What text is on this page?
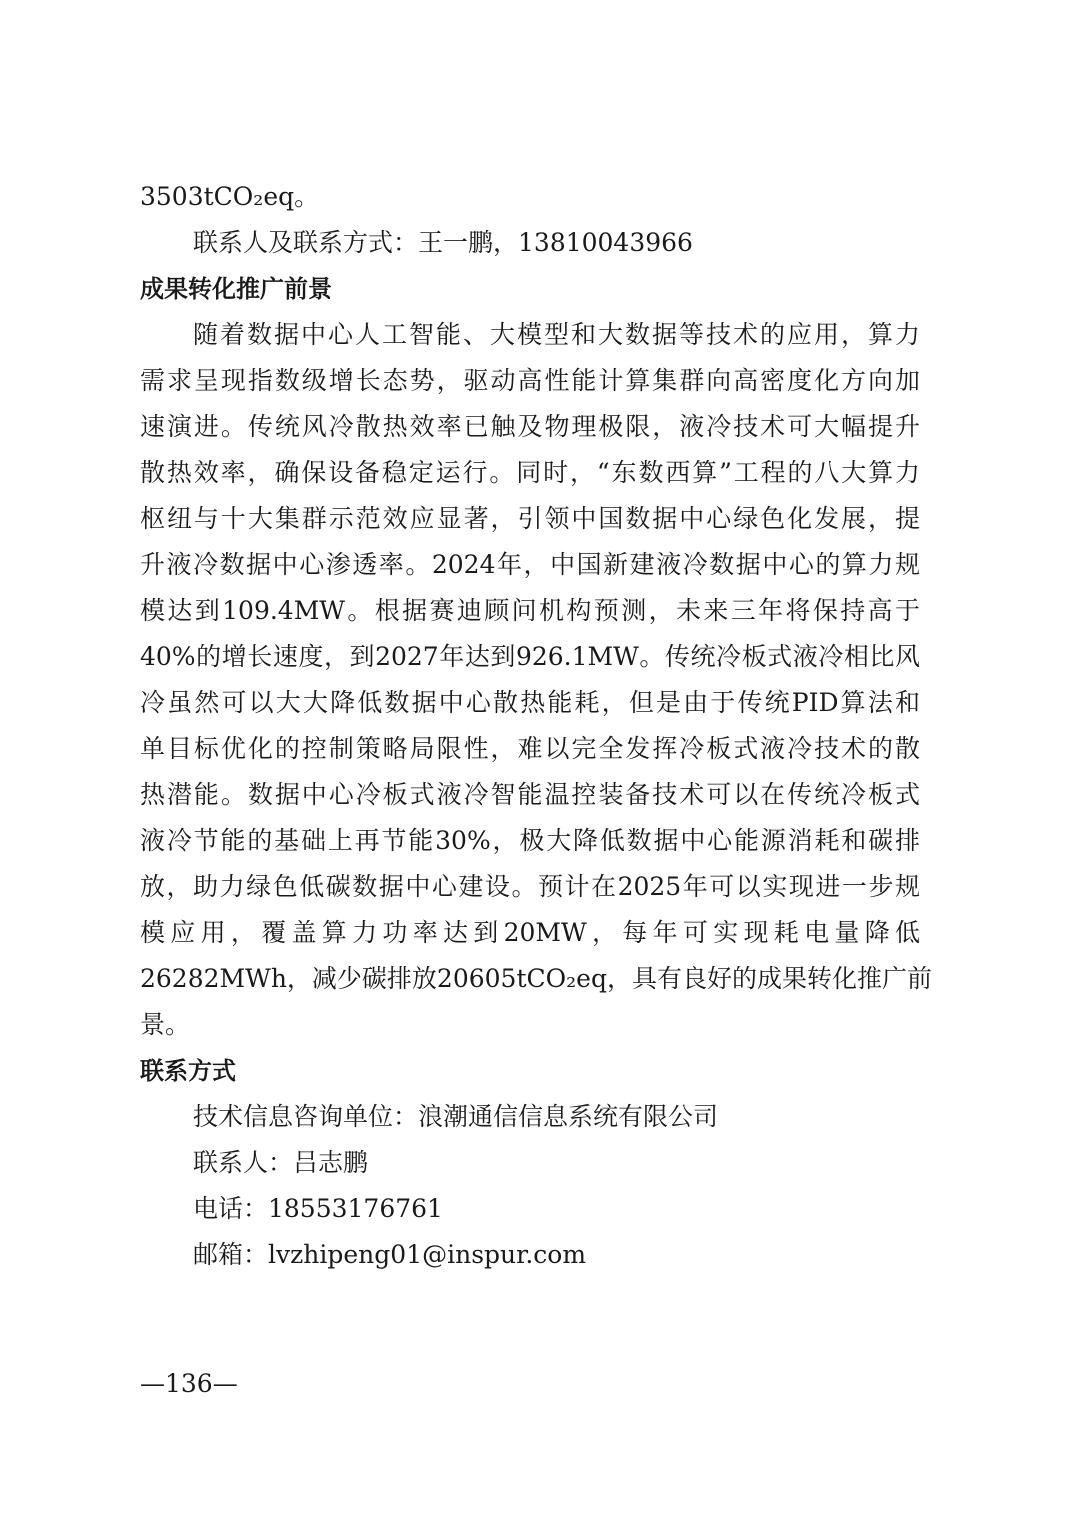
3503tCO₂eq。
联系人及联系方式：王一鹏，13810043966
成果转化推广前景
随着数据中心人工智能、大模型和大数据等技术的应用，算力
需求呈现指数级增长态势，驱动高性能计算集群向高密度化方向加
速演进。传统风冷散热效率已触及物理极限，液冷技术可大幅提升
散热效率，确保设备稳定运行。同时，“东数西算”工程的八大算力
枢纽与十大集群示范效应显著，引领中国数据中心绿色化发展，提
升液冷数据中心渗透率。2024年，中国新建液冷数据中心的算力规
模达到109.4MW。根据赛迪顾问机构预测，未来三年将保持高于
40%的增长速度，到2027年达到926.1MW。传统冷板式液冷相比风
冷虽然可以大大降低数据中心散热能耗，但是由于传统PID算法和
单目标优化的控制策略局限性，难以完全发挥冷板式液冷技术的散
热潜能。数据中心冷板式液冷智能温控装备技术可以在传统冷板式
液冷节能的基础上再节能30%，极大降低数据中心能源消耗和碳排
放，助力绿色低碳数据中心建设。预计在2025年可以实现进一步规
模应用，覆盖算力功率达到20MW，每年可实现耗电量降低
26282MWh，减少碳排放20605tCO₂eq，具有良好的成果转化推广前
景。
联系方式
技术信息咨询单位：浪潮通信信息系统有限公司
联系人：吕志鹏
电话：18553176761
邮箱：lvzhipeng01@inspur.com
—136—
